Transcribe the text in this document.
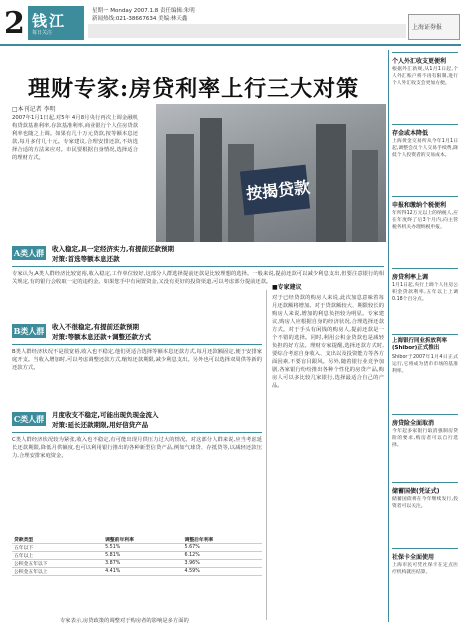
2 钱江
每日关注
星期一 Monday 2007.1.8 责任编辑:朱明
新闻热线:021-38667634 美编:林天鑫
上海证券报
理财专家:房贷利率上行三大对策
□本刊记者 李明
2007年1月1日起,对5年 4月8月央行再次上调金融机构贷款基准利率,存款基准利率,商业银行个人住房贷款利率也随之上调。如果有几十万元贷款,按等额本息还款,每月多付几十元。专家建议,合理安排还款,不妨选择合适的方法来应对。市民要根据自身情况,选择适合的理财方式。
按揭贷款
A类人群 收入稳定,具一定经济实力,有提前还款预期
对策:首选等额本息还款
专家认为,A类人群经济比较宽裕,收入稳定,工作单位较好,这部分人群选择提前还款是比较理想的选择。一般来说,提前还款可以减少利息支出,但要注意银行的相关规定,有的银行会收取一定的违约金。如果您手中有闲置资金,又没有更好的投资渠道,可以考虑部分提前还款。
B类人群 收入不很稳定,有提前还款预期
对策:等额本息还款+调整还款方式
B类人群经济状况不是很宽裕,收入也不稳定,他们更适合选择等额本息还款方式,每月还款额固定,便于安排家庭开支。当收入增加时,可以考虑调整还款方式,缩短还款期限,减少利息支出。另外也可以选择双周供等新的还款方式。
C类人群 月度收支不稳定,可能出现负现金流入
对策:延长还款期限,用好信贷产品
C类人群经济状况较为紧张,收入也不稳定,有可能出现月供压力过大的情况。对这部分人群来说,应当考虑延长还款期限,降低月供额度,也可以利用银行推出的各种新型信贷产品,例如气球贷、存抵贷等,以减轻还款压力,合理安排家庭资金。
贷款类型	调整前年利率	调整后年利率
五年以下	5.51%	5.67%
五年以上	5.81%	6.12%
公积金五年以下	3.87%	3.96%
公积金五年以上	4.41%	4.59%
■专家建议
对于已经贷款的购房人来说,此次加息意味着每月还款额将增加。对于贷款额较大、期限较长的购房人来说,增加的利息负担较为明显。专家建议,购房人应根据自身的经济状况,合理选择还款方式。对于手头有闲钱的购房人,提前还款是一个不错的选择。同时,利用公积金贷款也是减轻负担的好方法。理财专家提醒,选择还款方式时,要综合考虑自身收入、支出以及投资能力等各方面因素,不要盲目跟风。另外,随着银行业竞争加剧,各家银行纷纷推出各种个性化的房贷产品,购房人可以多比较几家银行,选择最适合自己的产品。
个人外汇收支更便利
根据外汇新规,从1月1日起,个人外汇账户将不再有限制,进行个人外汇收支会更加方便。
存金或本降低
上海黄金交易所从今年1月1日起,调整会员个人交易手续费,降低个人投资者的交易成本。
申报和缴纳个税便利
年所得12万元以上的纳税人,应在年度终了后3个月内,向主管税务机关办理纳税申报。
房贷利率上调
1月1日起,央行上调个人住房公积金贷款利率,五年以上上调0.18个百分点。
上海银行同业拆放利率(Shibor)正式推出
Shibor于2007年1月4日正式运行,它将成为货币市场的基准利率。
房贷险全面取消
今年起多家银行取消强制房贷险的要求,购房者可以自行选择。
储蓄国债(凭证式)
储蓄国债将在今年继续发行,投资者可以关注。
社保卡全面使用
上海市民可凭社保卡在定点医疗机构就医结算。
专家表示,房贷政策的调整对于购房者的影响是多方面的
